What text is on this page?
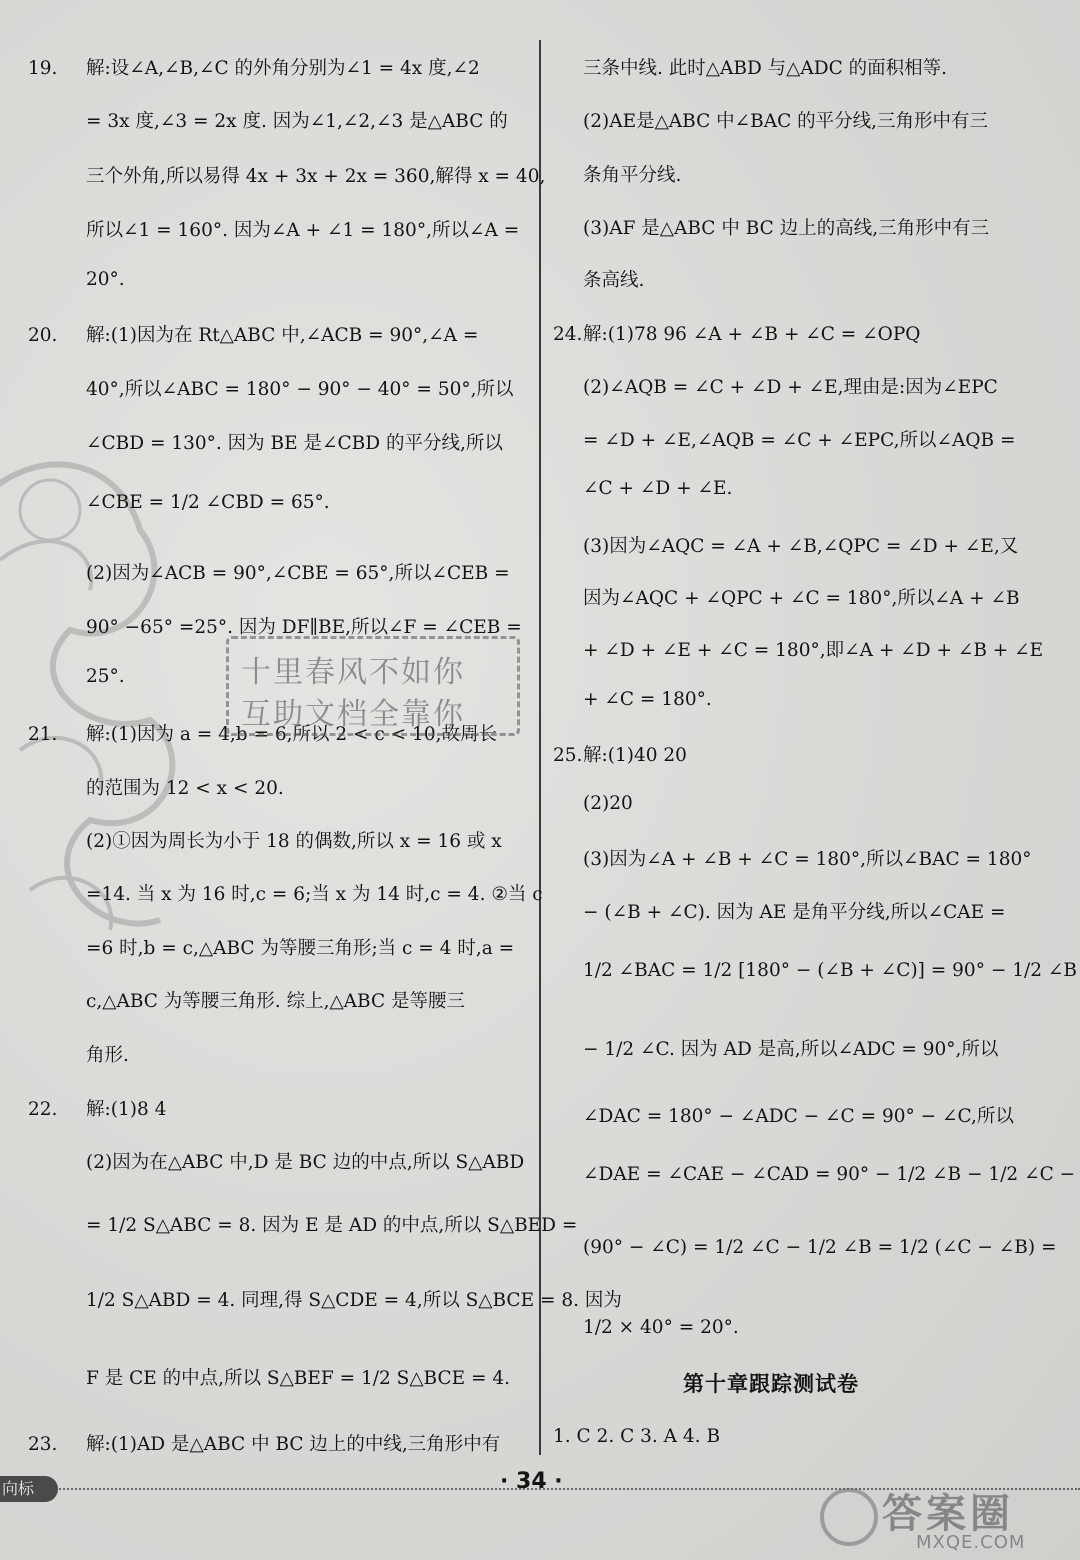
19. 解:设∠A,∠B,∠C 的外角分别为∠1 = 4x 度,∠2
= 3x 度,∠3 = 2x 度. 因为∠1,∠2,∠3 是△ABC 的
三个外角,所以易得 4x + 3x + 2x = 360,解得 x = 40,
所以∠1 = 160°. 因为∠A + ∠1 = 180°,所以∠A =
20°.
20. 解:(1)因为在 Rt△ABC 中,∠ACB = 90°,∠A =
40°,所以∠ABC = 180° − 90° − 40° = 50°,所以
∠CBD = 130°. 因为 BE 是∠CBD 的平分线,所以
∠CBE = 1/2 ∠CBD = 65°.
(2)因为∠ACB = 90°,∠CBE = 65°,所以∠CEB =
90° −65° =25°. 因为 DF∥BE,所以∠F = ∠CEB =
25°.
21. 解:(1)因为 a = 4,b = 6,所以 2 < c < 10,故周长
的范围为 12 < x < 20.
(2)①因为周长为小于 18 的偶数,所以 x = 16 或 x
=14. 当 x 为 16 时,c = 6;当 x 为 14 时,c = 4. ②当 c
=6 时,b = c,△ABC 为等腰三角形;当 c = 4 时,a =
c,△ABC 为等腰三角形. 综上,△ABC 是等腰三
角形.
22. 解:(1)8 4
(2)因为在△ABC 中,D 是 BC 边的中点,所以 S△ABD
= 1/2 S△ABC = 8. 因为 E 是 AD 的中点,所以 S△BED =
1/2 S△ABD = 4. 同理,得 S△CDE = 4,所以 S△BCE = 8. 因为
F 是 CE 的中点,所以 S△BEF = 1/2 S△BCE = 4.
23. 解:(1)AD 是△ABC 中 BC 边上的中线,三角形中有
三条中线. 此时△ABD 与△ADC 的面积相等.
(2)AE是△ABC 中∠BAC 的平分线,三角形中有三
条角平分线.
(3)AF 是△ABC 中 BC 边上的高线,三角形中有三
条高线.
24.解:(1)78 96 ∠A + ∠B + ∠C = ∠OPQ
(2)∠AQB = ∠C + ∠D + ∠E,理由是:因为∠EPC
= ∠D + ∠E,∠AQB = ∠C + ∠EPC,所以∠AQB =
∠C + ∠D + ∠E.
(3)因为∠AQC = ∠A + ∠B,∠QPC = ∠D + ∠E,又
因为∠AQC + ∠QPC + ∠C = 180°,所以∠A + ∠B
+ ∠D + ∠E + ∠C = 180°,即∠A + ∠D + ∠B + ∠E
+ ∠C = 180°.
25.解:(1)40 20
(2)20
(3)因为∠A + ∠B + ∠C = 180°,所以∠BAC = 180°
− (∠B + ∠C). 因为 AE 是角平分线,所以∠CAE =
1/2 ∠BAC = 1/2 [180° − (∠B + ∠C)] = 90° − 1/2 ∠B
− 1/2 ∠C. 因为 AD 是高,所以∠ADC = 90°,所以
∠DAC = 180° − ∠ADC − ∠C = 90° − ∠C,所以
∠DAE = ∠CAE − ∠CAD = 90° − 1/2 ∠B − 1/2 ∠C −
(90° − ∠C) = 1/2 ∠C − 1/2 ∠B = 1/2 (∠C − ∠B) =
1/2 × 40° = 20°.
第十章跟踪测试卷
1. C 2. C 3. A 4. B
十里春风不如你
互助文档全靠你
向标	· 34 ·
答案圈
MXQE.COM
